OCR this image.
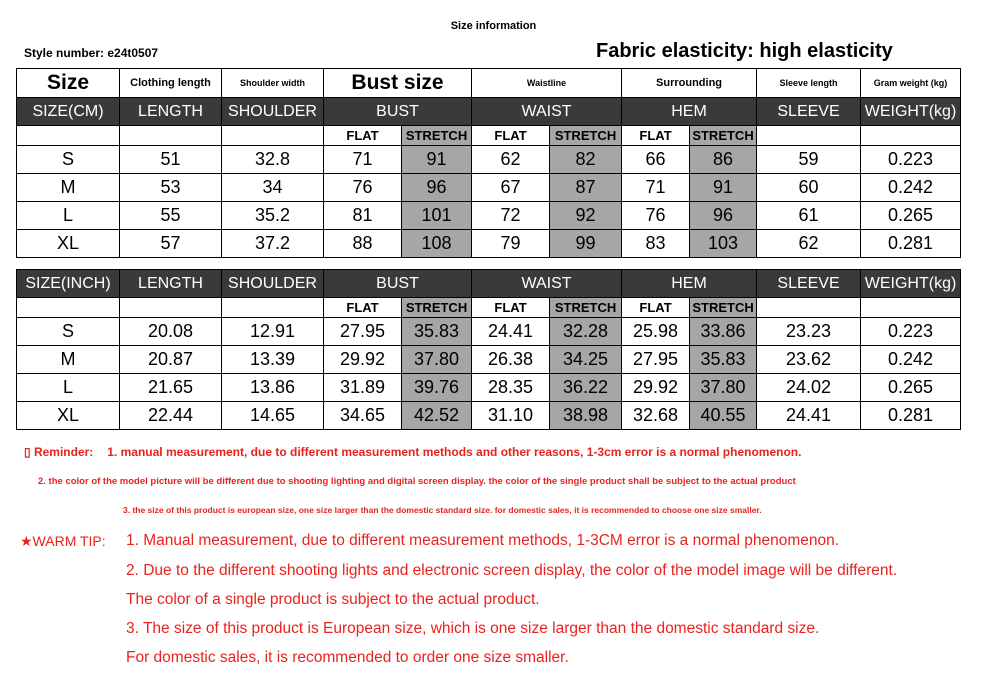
Size information
Style number: e24t0507	Fabric elasticity: high elasticity
Size	Clothing length	Shoulder width	Bust size		Waistline		Surrounding		Sleeve length	Gram weight (kg)
SIZE(CM)	LENGTH	SHOULDER	BUST		WAIST		HEM		SLEEVE	WEIGHT(kg)
			FLAT	STRETCH	FLAT	STRETCH	FLAT	STRETCH		
S	51	32.8	71	91	62	82	66	86	59	0.223
M	53	34	76	96	67	87	71	91	60	0.242
L	55	35.2	81	101	72	92	76	96	61	0.265
XL	57	37.2	88	108	79	99	83	103	62	0.281
SIZE(INCH)	LENGTH	SHOULDER	BUST		WAIST		HEM		SLEEVE	WEIGHT(kg)
			FLAT	STRETCH	FLAT	STRETCH	FLAT	STRETCH		
S	20.08	12.91	27.95	35.83	24.41	32.28	25.98	33.86	23.23	0.223
M	20.87	13.39	29.92	37.80	26.38	34.25	27.95	35.83	23.62	0.242
L	21.65	13.86	31.89	39.76	28.35	36.22	29.92	37.80	24.02	0.265
XL	22.44	14.65	34.65	42.52	31.10	38.98	32.68	40.55	24.41	0.281
▯ Reminder: 1. manual measurement, due to different measurement methods and other reasons, 1-3cm error is a normal phenomenon.
2. the color of the model picture will be different due to shooting lighting and digital screen display. the color of the single product shall be subject to the actual product
3. the size of this product is european size, one size larger than the domestic standard size. for domestic sales, it is recommended to choose one size smaller.
★WARM TIP: 1. Manual measurement, due to different measurement methods, 1-3CM error is a normal phenomenon.
2. Due to the different shooting lights and electronic screen display, the color of the model image will be different.
The color of a single product is subject to the actual product.
3. The size of this product is European size, which is one size larger than the domestic standard size.
For domestic sales, it is recommended to order one size smaller.
